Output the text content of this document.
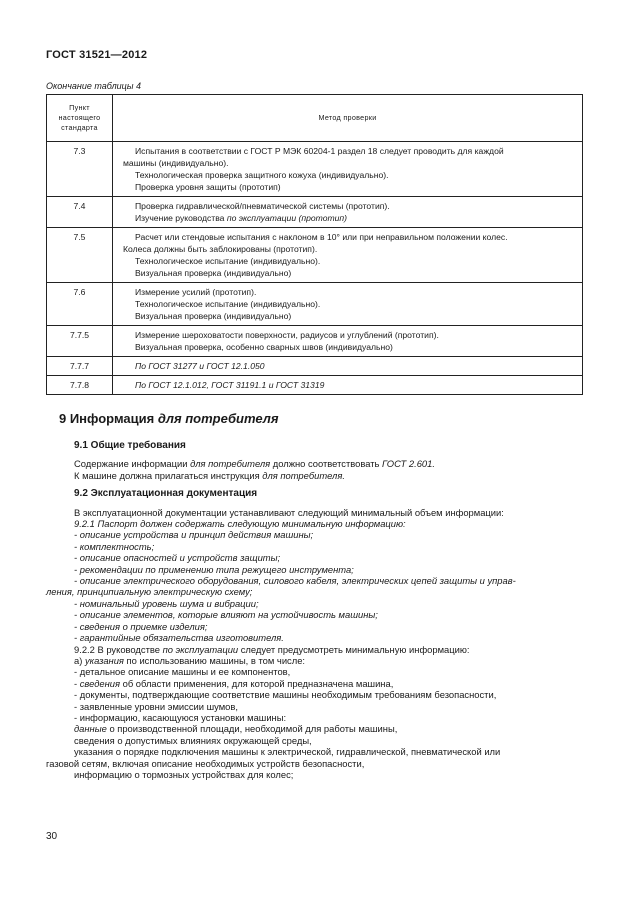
ГОСТ 31521—2012
Окончание таблицы 4
Пункт
настоящего
стандарта	Метод проверки
7.3	Испытания в соответствии с ГОСТ Р МЭК 60204-1 раздел 18 следует проводить для каждой
машины (индивидуально).
Технологическая проверка защитного кожуха (индивидуально).
Проверка уровня защиты (прототип)

7.4	Проверка гидравлической/пневматической системы (прототип).
Изучение руководства по эксплуатации (прототип)

7.5	Расчет или стендовые испытания с наклоном в 10° или при неправильном положении колес.
Колеса должны быть заблокированы (прототип).
Технологическое испытание (индивидуально).
Визуальная проверка (индивидуально)

7.6	Измерение усилий (прототип).
Технологическое испытание (индивидуально).
Визуальная проверка (индивидуально)

7.7.5	Измерение шероховатости поверхности, радиусов и углублений (прототип).
Визуальная проверка, особенно сварных швов (индивидуально)

7.7.7	По ГОСТ 31277 и ГОСТ 12.1.050

7.7.8	По ГОСТ 12.1.012, ГОСТ 31191.1 и ГОСТ 31319
9 Информация для потребителя
9.1 Общие требования
Содержание информации для потребителя должно соответствовать ГОСТ 2.601.
К машине должна прилагаться инструкция для потребителя.
9.2 Эксплуатационная документация
В эксплуатационной документации устанавливают следующий минимальный объем информации:
9.2.1 Паспорт должен содержать следующую минимальную информацию:
- описание устройства и принцип действия машины;
- комплектность;
- описание опасностей и устройств защиты;
- рекомендации по применению типа режущего инструмента;
- описание электрического оборудования, силового кабеля, электрических цепей защиты и управ-
ления, принципиальную электрическую схему;
- номинальный уровень шума и вибрации;
- описание элементов, которые влияют на устойчивость машины;
- сведения о приемке изделия;
- гарантийные обязательства изготовителя.
9.2.2 В руководстве по эксплуатации следует предусмотреть минимальную информацию:
а) указания по использованию машины, в том числе:
- детальное описание машины и ее компонентов,
- сведения об области применения, для которой предназначена машина,
- документы, подтверждающие соответствие машины необходимым требованиям безопасности,
- заявленные уровни эмиссии шумов,
- информацию, касающуюся установки машины:
данные о производственной площади, необходимой для работы машины,
сведения о допустимых влияниях окружающей среды,
указания о порядке подключения машины к электрической, гидравлической, пневматической или
газовой сетям, включая описание необходимых устройств безопасности,
информацию о тормозных устройствах для колес;
30
